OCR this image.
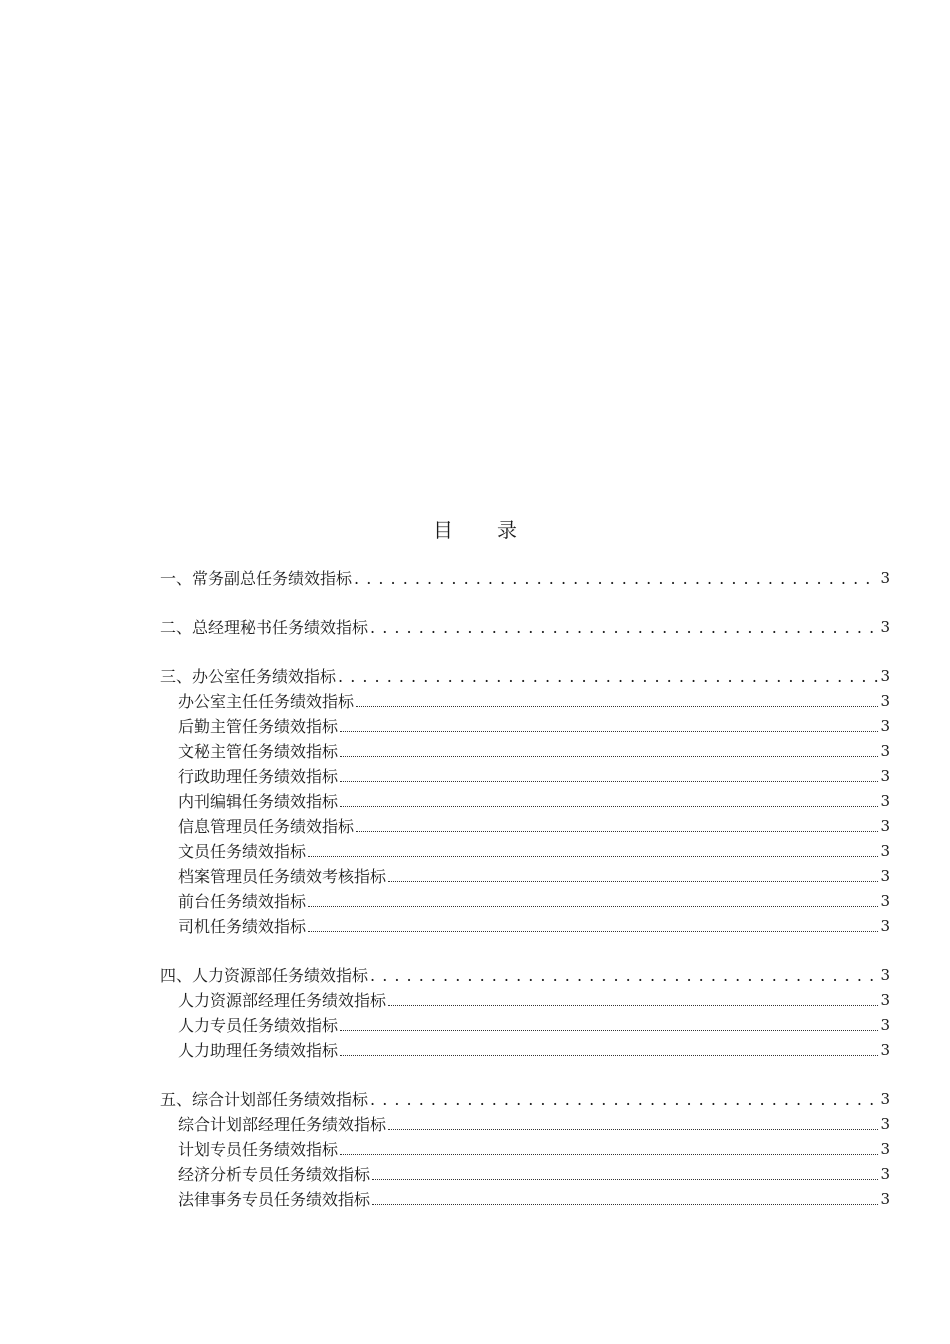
目 录
一、常务副总任务绩效指标 . . .	3
二、总经理秘书任务绩效指标 . . .	3
三、办公室任务绩效指标 . . .	3
办公室主任任务绩效指标	3
后勤主管任务绩效指标	3
文秘主管任务绩效指标	3
行政助理任务绩效指标	3
内刊编辑任务绩效指标	3
信息管理员任务绩效指标	3
文员任务绩效指标	3
档案管理员任务绩效考核指标	3
前台任务绩效指标	3
司机任务绩效指标	3
四、人力资源部任务绩效指标 . . .	3
人力资源部经理任务绩效指标	3
人力专员任务绩效指标	3
人力助理任务绩效指标	3
五、综合计划部任务绩效指标 . . .	3
综合计划部经理任务绩效指标	3
计划专员任务绩效指标	3
经济分析专员任务绩效指标	3
法律事务专员任务绩效指标	3
